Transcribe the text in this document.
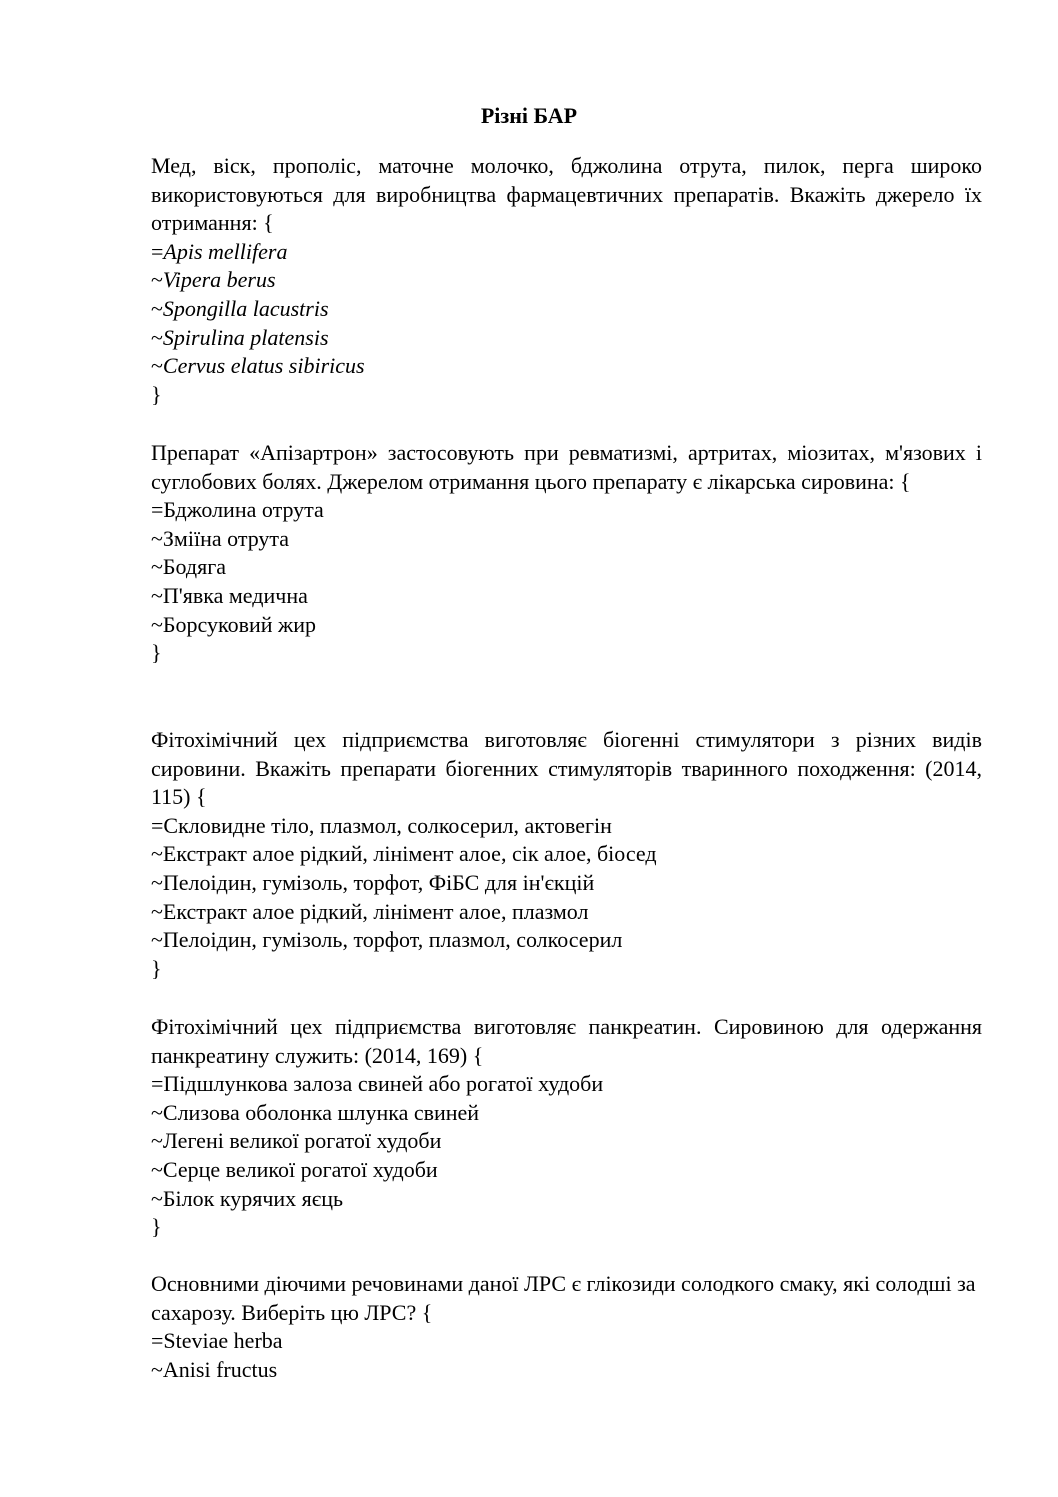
Різні БАР
Мед, віск, прополіс, маточне молочко, бджолина отрута, пилок, перга широко використовуються для виробництва фармацевтичних препаратів. Вкажіть джерело їх отримання: {
=Apis mellifera
~Vipera berus
~Spongilla lacustris
~Spirulina platensis
~Cervus elatus sibiricus
}
Препарат «Апізартрон» застосовують при ревматизмі, артритах, міозитах, м'язових і суглобових болях. Джерелом отримання цього препарату є лікарська сировина: {
=Бджолина отрута
~Зміїна отрута
~Бодяга
~П'явка медична
~Борсуковий жир
}
Фітохімічний цех підприємства виготовляє біогенні стимулятори з різних видів сировини. Вкажіть препарати біогенних стимуляторів тваринного походження: (2014, 115) {
=Скловидне тіло, плазмол, солкосерил, актовегін
~Екстракт алое рідкий, лінімент алое, сік алое, біосед
~Пелоідин, гумізоль, торфот, ФіБС для ін'єкцій
~Екстракт алое рідкий, лінімент алое, плазмол
~Пелоідин, гумізоль, торфот, плазмол, солкосерил
}
Фітохімічний цех підприємства виготовляє панкреатин. Сировиною для одержання панкреатину служить: (2014, 169) {
=Підшлункова залоза свиней або рогатої худоби
~Слизова оболонка шлунка свиней
~Легені великої рогатої худоби
~Серце великої рогатої худоби
~Білок курячих яєць
}
Основними діючими речовинами даної ЛРС є глікозиди солодкого смаку, які солодші за сахарозу. Виберіть цю ЛРС? {
=Steviae herba
~Anisi fructus
